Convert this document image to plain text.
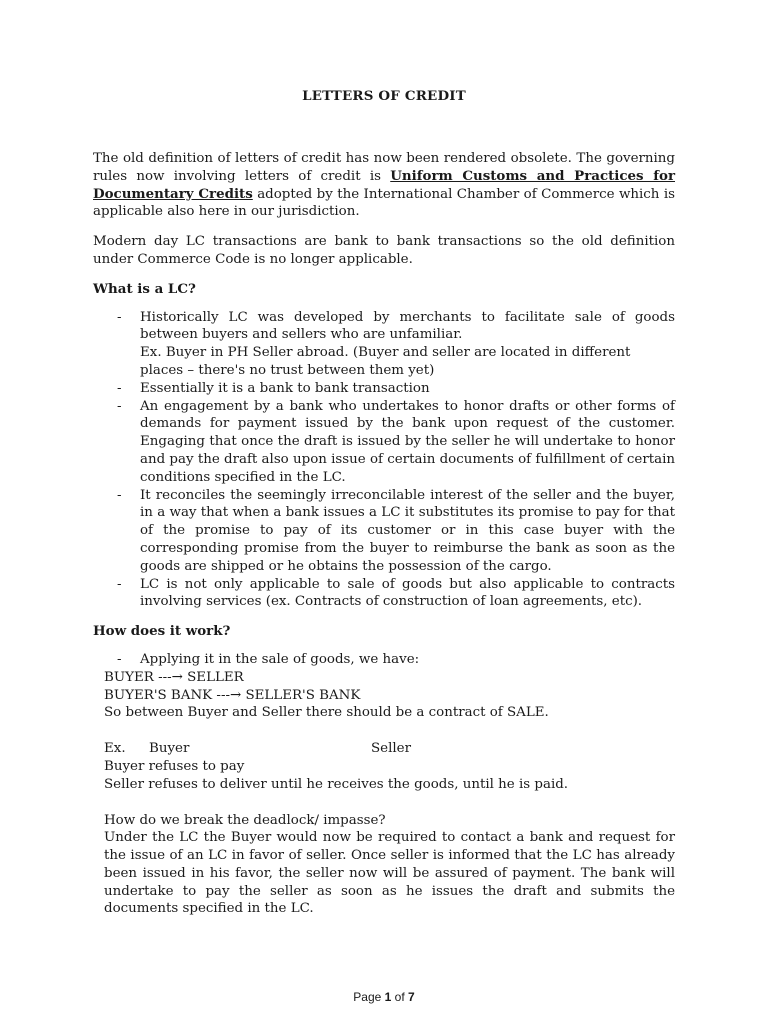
LETTERS OF CREDIT

The old definition of letters of credit has now been rendered obsolete. The governing rules now involving letters of credit is Uniform Customs and Practices for Documentary Credits adopted by the International Chamber of Commerce which is applicable also here in our jurisdiction.

Modern day LC transactions are bank to bank transactions so the old definition under Commerce Code is no longer applicable.

What is a LC?

- Historically LC was developed by merchants to facilitate sale of goods between buyers and sellers who are unfamiliar.
Ex. Buyer in PH Seller abroad. (Buyer and seller are located in different places – there's no trust between them yet)
- Essentially it is a bank to bank transaction
- An engagement by a bank who undertakes to honor drafts or other forms of demands for payment issued by the bank upon request of the customer. Engaging that once the draft is issued by the seller he will undertake to honor and pay the draft also upon issue of certain documents of fulfillment of certain conditions specified in the LC.
- It reconciles the seemingly irreconcilable interest of the seller and the buyer, in a way that when a bank issues a LC it substitutes its promise to pay for that of the promise to pay of its customer or in this case buyer with the corresponding promise from the buyer to reimburse the bank as soon as the goods are shipped or he obtains the possession of the cargo.
- LC is not only applicable to sale of goods but also applicable to contracts involving services (ex. Contracts of construction of loan agreements, etc).

How does it work?

- Applying it in the sale of goods, we have:

BUYER ---→ SELLER

BUYER'S BANK ---→ SELLER'S BANK

So between Buyer and Seller there should be a contract of SALE.

Ex.	Buyer	Seller

Buyer refuses to pay

Seller refuses to deliver until he receives the goods, until he is paid.

How do we break the deadlock/ impasse?

Under the LC the Buyer would now be required to contact a bank and request for the issue of an LC in favor of seller. Once seller is informed that the LC has already been issued in his favor, the seller now will be assured of payment. The bank will undertake to pay the seller as soon as he issues the draft and submits the documents specified in the LC.

Page 1 of 7
